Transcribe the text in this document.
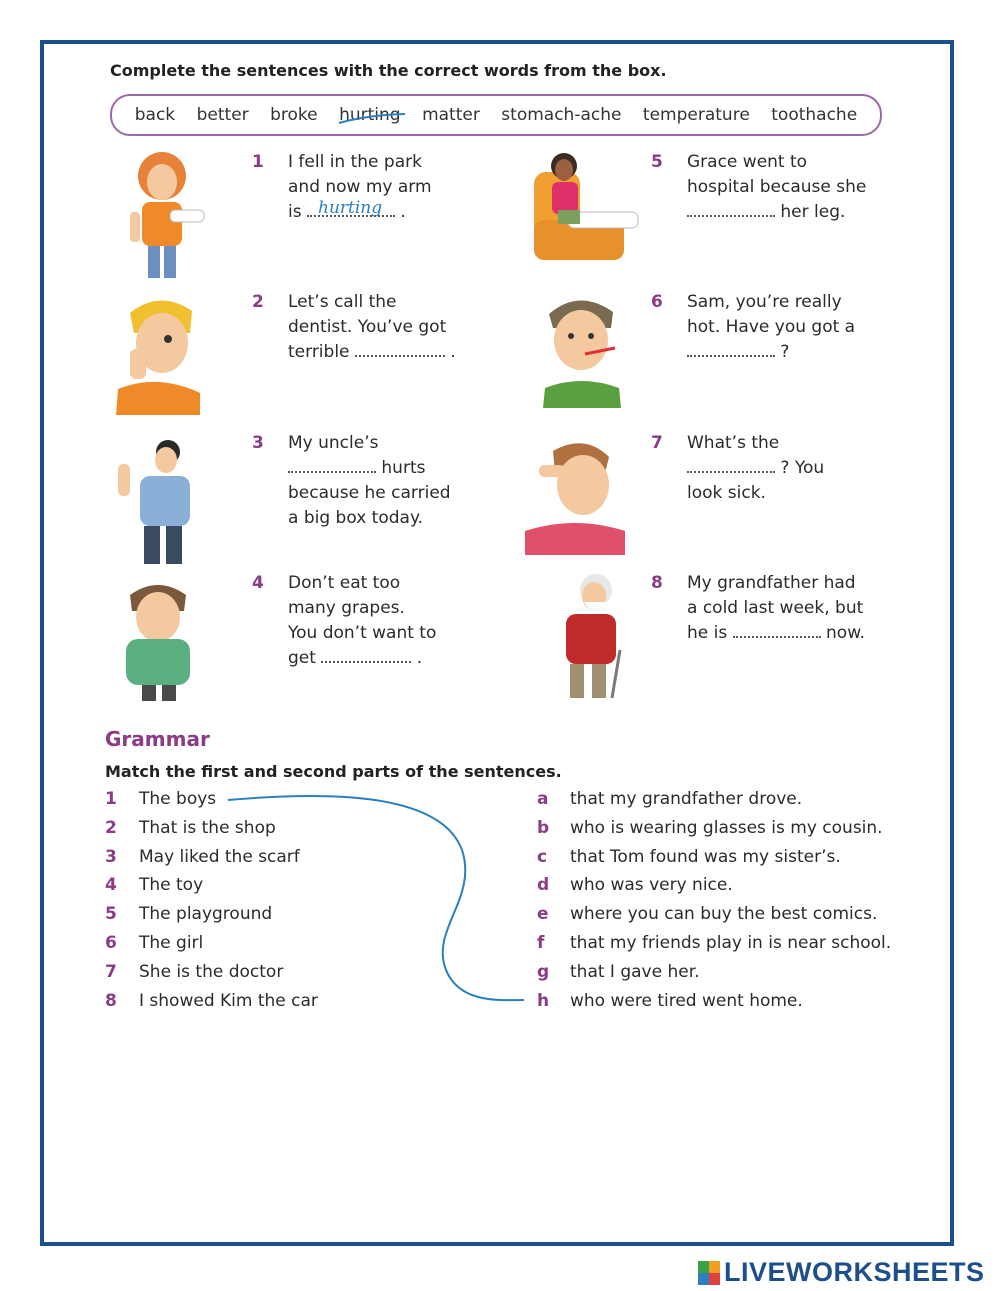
Complete the sentences with the correct words from the box.
back better broke hurting matter stomach-ache temperature toothache
1 I fell in the park
and now my arm
is	.
hurting
2 Let’s call the
dentist. You’ve got
terrible	.
3 My uncle’s
hurts
because he carried
a big box today.
4 Don’t eat too
many grapes.
You don’t want to
get	.
5 Grace went to
hospital because she
her leg.
6 Sam, you’re really
hot. Have you got a
?
7 What’s the
? You
look sick.
8 My grandfather had
a cold last week, but
he is	now.
Grammar
Match the first and second parts of the sentences.
1 The boys
2 That is the shop
3 May liked the scarf
4 The toy
5 The playground
6 The girl
7 She is the doctor
8 I showed Kim the car
a that my grandfather drove.
b who is wearing glasses is my cousin.
c that Tom found was my sister’s.
d who was very nice.
e where you can buy the best comics.
f that my friends play in is near school.
g that I gave her.
h who were tired went home.
LIVEWORKSHEETS
